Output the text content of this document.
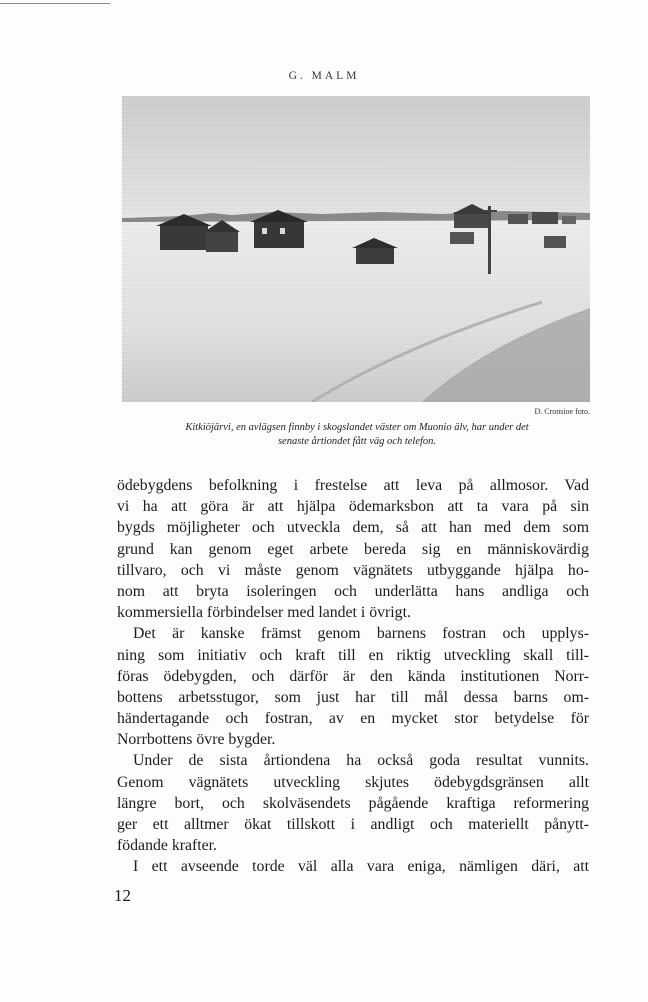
G. MALM
D. Cronsioe foto.
Kitkiöjärvi, en avlägsen finnby i skogslandet väster om Muonio älv, har under det
senaste årtiondet fått väg och telefon.
ödebygdens befolkning i frestelse att leva på allmosor. Vad
vi ha att göra är att hjälpa ödemarksbon att ta vara på sin
bygds möjligheter och utveckla dem, så att han med dem som
grund kan genom eget arbete bereda sig en människovärdig
tillvaro, och vi måste genom vägnätets utbyggande hjälpa ho-
nom att bryta isoleringen och underlätta hans andliga och
kommersiella förbindelser med landet i övrigt.
Det är kanske främst genom barnens fostran och upplys-
ning som initiativ och kraft till en riktig utveckling skall till-
föras ödebygden, och därför är den kända institutionen Norr-
bottens arbetsstugor, som just har till mål dessa barns om-
händertagande och fostran, av en mycket stor betydelse för
Norrbottens övre bygder.
Under de sista årtiondena ha också goda resultat vunnits.
Genom vägnätets utveckling skjutes ödebygdsgränsen allt
längre bort, och skolväsendets pågående kraftiga reformering
ger ett alltmer ökat tillskott i andligt och materiellt pånytt-
födande krafter.
I ett avseende torde väl alla vara eniga, nämligen däri, att
12
